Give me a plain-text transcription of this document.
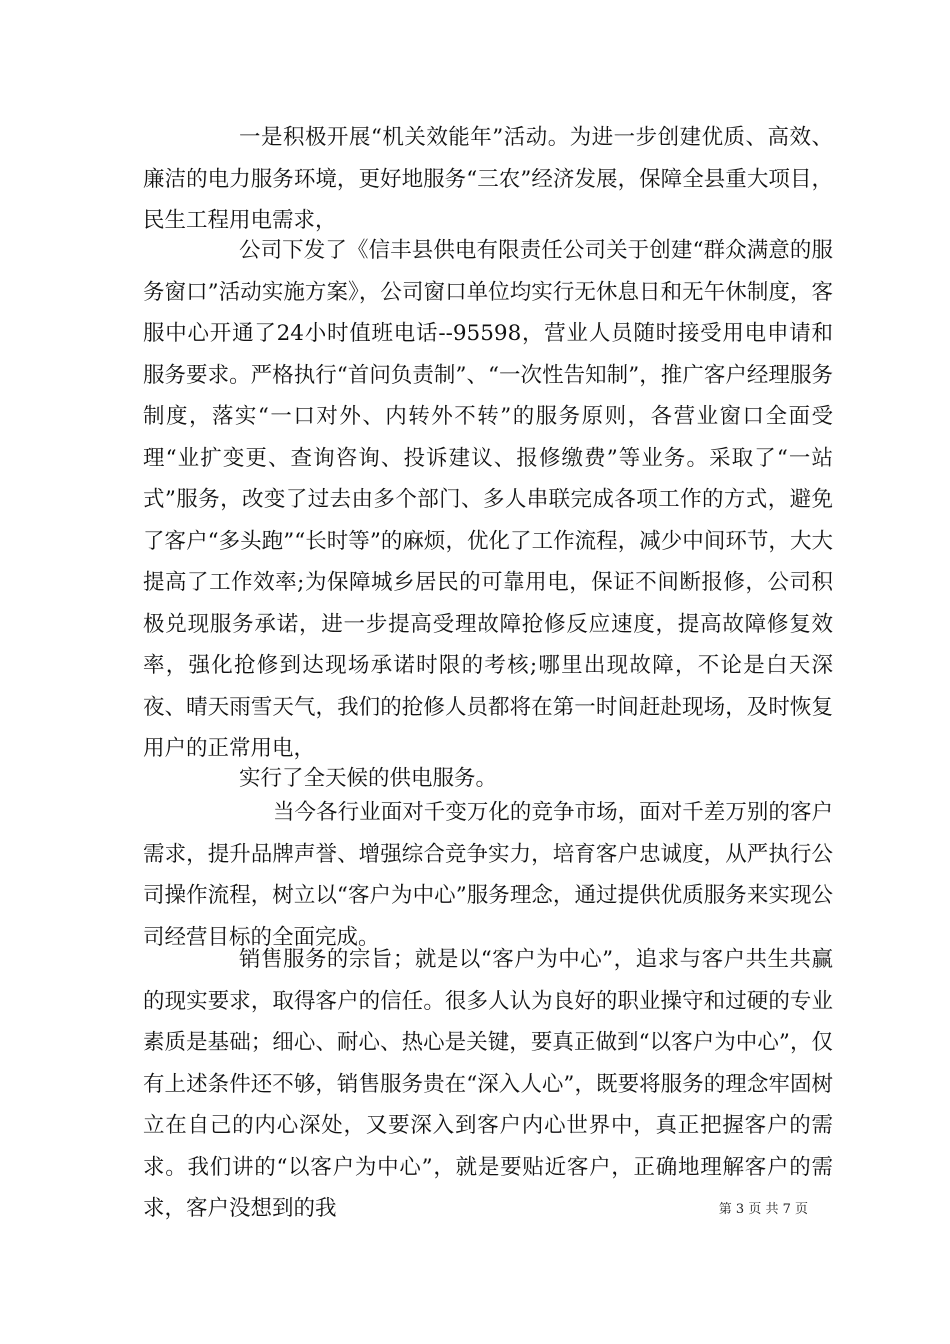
一是积极开展“机关效能年”活动。为进一步创建优质、高效、廉洁的电力服务环境，更好地服务“三农”经济发展，保障全县重大项目，民生工程用电需求，

公司下发了《信丰县供电有限责任公司关于创建“群众满意的服务窗口”活动实施方案》，公司窗口单位均实行无休息日和无午休制度，客服中心开通了24小时值班电话--95598，营业人员随时接受用电申请和服务要求。严格执行“首问负责制”、“一次性告知制”，推广客户经理服务制度，落实“一口对外、内转外不转”的服务原则，各营业窗口全面受理“业扩变更、查询咨询、投诉建议、报修缴费”等业务。采取了“一站式”服务，改变了过去由多个部门、多人串联完成各项工作的方式，避免了客户“多头跑”“长时等”的麻烦，优化了工作流程，减少中间环节，大大提高了工作效率;为保障城乡居民的可靠用电，保证不间断报修，公司积极兑现服务承诺，进一步提高受理故障抢修反应速度，提高故障修复效率，强化抢修到达现场承诺时限的考核;哪里出现故障，不论是白天深夜、晴天雨雪天气，我们的抢修人员都将在第一时间赶赴现场，及时恢复用户的正常用电，

实行了全天候的供电服务。

当今各行业面对千变万化的竞争市场，面对千差万别的客户需求，提升品牌声誉、增强综合竞争实力，培育客户忠诚度，从严执行公司操作流程，树立以“客户为中心”服务理念，通过提供优质服务来实现公司经营目标的全面完成。

销售服务的宗旨；就是以“客户为中心”，追求与客户共生共赢的现实要求，取得客户的信任。很多人认为良好的职业操守和过硬的专业素质是基础；细心、耐心、热心是关键，要真正做到“以客户为中心”，仅有上述条件还不够，销售服务贵在“深入人心”，既要将服务的理念牢固树立在自己的内心深处，又要深入到客户内心世界中，真正把握客户的需求。我们讲的“以客户为中心”，就是要贴近客户，正确地理解客户的需求，客户没想到的我	第 3 页 共 7 页
